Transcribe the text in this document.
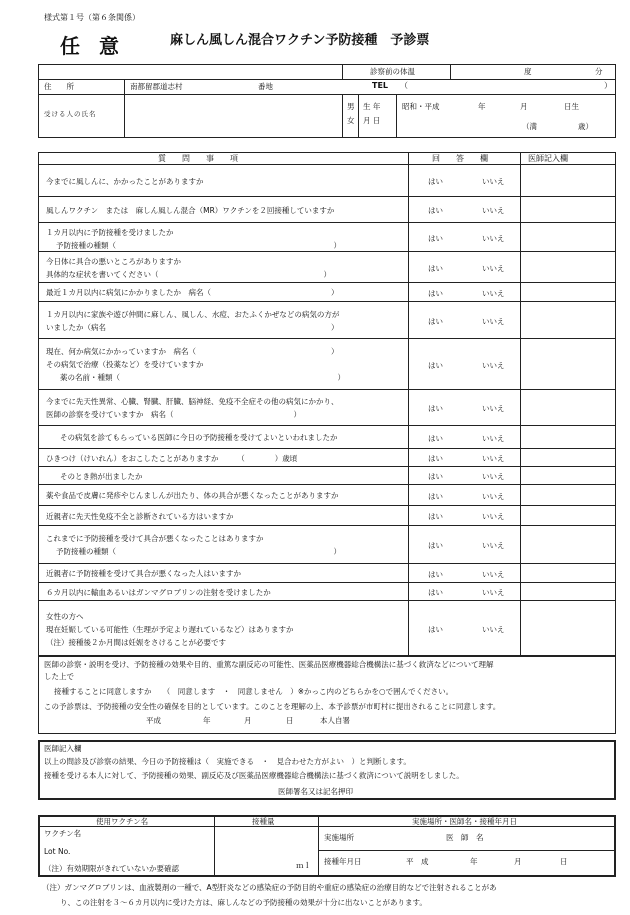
様式第１号（第６条関係）
任 意	麻しん風しん混合ワクチン予防接種　予診票
診察前の体温	度	分
住　　所	南都留郡道志村	番地	TEL （	）
受ける人の氏名
男
女
生 年
月 日
昭和・平成	年	月	日生
（満	歳）
質　　問　　事　　項	回　　答　　欄	医師記入欄
今までに風しんに、かかったことがありますか	はい	いいえ
風しんワクチン　または　麻しん風しん混合（MR）ワクチンを２回接種していますか	はい	いいえ
１カ月以内に予防接種を受けましたか
予防接種の種類（　　　　　　　　　　　　　　　　　　　　　　　　　　　　　）
はい	いいえ
今日体に具合の悪いところがありますか
具体的な症状を書いてください（　　　　　　　　　　　　　　　　　　　　　　）
はい	いいえ
最近１カ月以内に病気にかかりましたか　病名（　　　　　　　　　　　　　　　　）	はい	いいえ
１カ月以内に家族や遊び仲間に麻しん、風しん、水痘、おたふくかぜなどの病気の方が
いましたか（病名　　　　　　　　　　　　　　　　　　　　　　　　　　　　　　）
はい	いいえ
現在、何か病気にかかっていますか　病名（　　　　　　　　　　　　　　　　　　）
その病気で治療（投薬など）を受けていますか
薬の名前・種類（　　　　　　　　　　　　　　　　　　　　　　　　　　　　　）
はい	いいえ
今までに先天性異常、心臓、腎臓、肝臓、脳神経、免疫不全症その他の病気にかかり、
医師の診察を受けていますか　病名（　　　　　　　　　　　　　　　　）
はい	いいえ
その病気を診てもらっている医師に今日の予防接種を受けてよいといわれましたか	はい	いいえ
ひきつけ（けいれん）をおこしたことがありますか　　　（　　　　）歳頃	はい	いいえ
そのとき熱が出ましたか	はい	いいえ
薬や食品で皮膚に発疹やじんましんが出たり、体の具合が悪くなったことがありますか	はい	いいえ
近親者に先天性免疫不全と診断されている方はいますか	はい	いいえ
これまでに予防接種を受けて具合が悪くなったことはありますか
予防接種の種類（　　　　　　　　　　　　　　　　　　　　　　　　　　　　　）
はい	いいえ
近親者に予防接種を受けて具合が悪くなった人はいますか	はい	いいえ
６カ月以内に輸血あるいはガンマグロブリンの注射を受けましたか	はい	いいえ
女性の方へ
現在妊娠している可能性（生理が予定より遅れているなど）はありますか
（注）接種後２か月間は妊娠をさけることが必要です
はい	いいえ
医師の診察・説明を受け、予防接種の効果や目的、重篤な副反応の可能性、医薬品医療機器総合機構法に基づく救済などについて理解
した上で
接種することに同意しますか　　（　同意します　・　同意しません　）※かっこ内のどちらかを○で囲んでください。
この予診票は、予防接種の安全性の確保を目的としています。このことを理解の上、本予診票が市町村に提出されることに同意します。
平成	年	月	日	本人自署
医師記入欄
以上の問診及び診察の結果、今日の予防接種は（　実施できる　・　見合わせた方がよい　）と判断します。
接種を受ける本人に対して、予防接種の効果、副反応及び医薬品医療機器総合機構法に基づく救済について説明をしました。
医師署名又は記名押印
使用ワクチン名	接種量	実施場所・医師名・接種年月日
ワクチン名
Lot No.
（注）有効期限がきれていないか要確認	ｍｌ
実施場所	医　師　名
接種年月日	平　成	年	月	日
（注）ガンマグロブリンは、血液製剤の一種で、A型肝炎などの感染症の予防目的や重症の感染症の治療目的などで注射されることがあ
り、この注射を３～６カ月以内に受けた方は、麻しんなどの予防接種の効果が十分に出ないことがあります。
